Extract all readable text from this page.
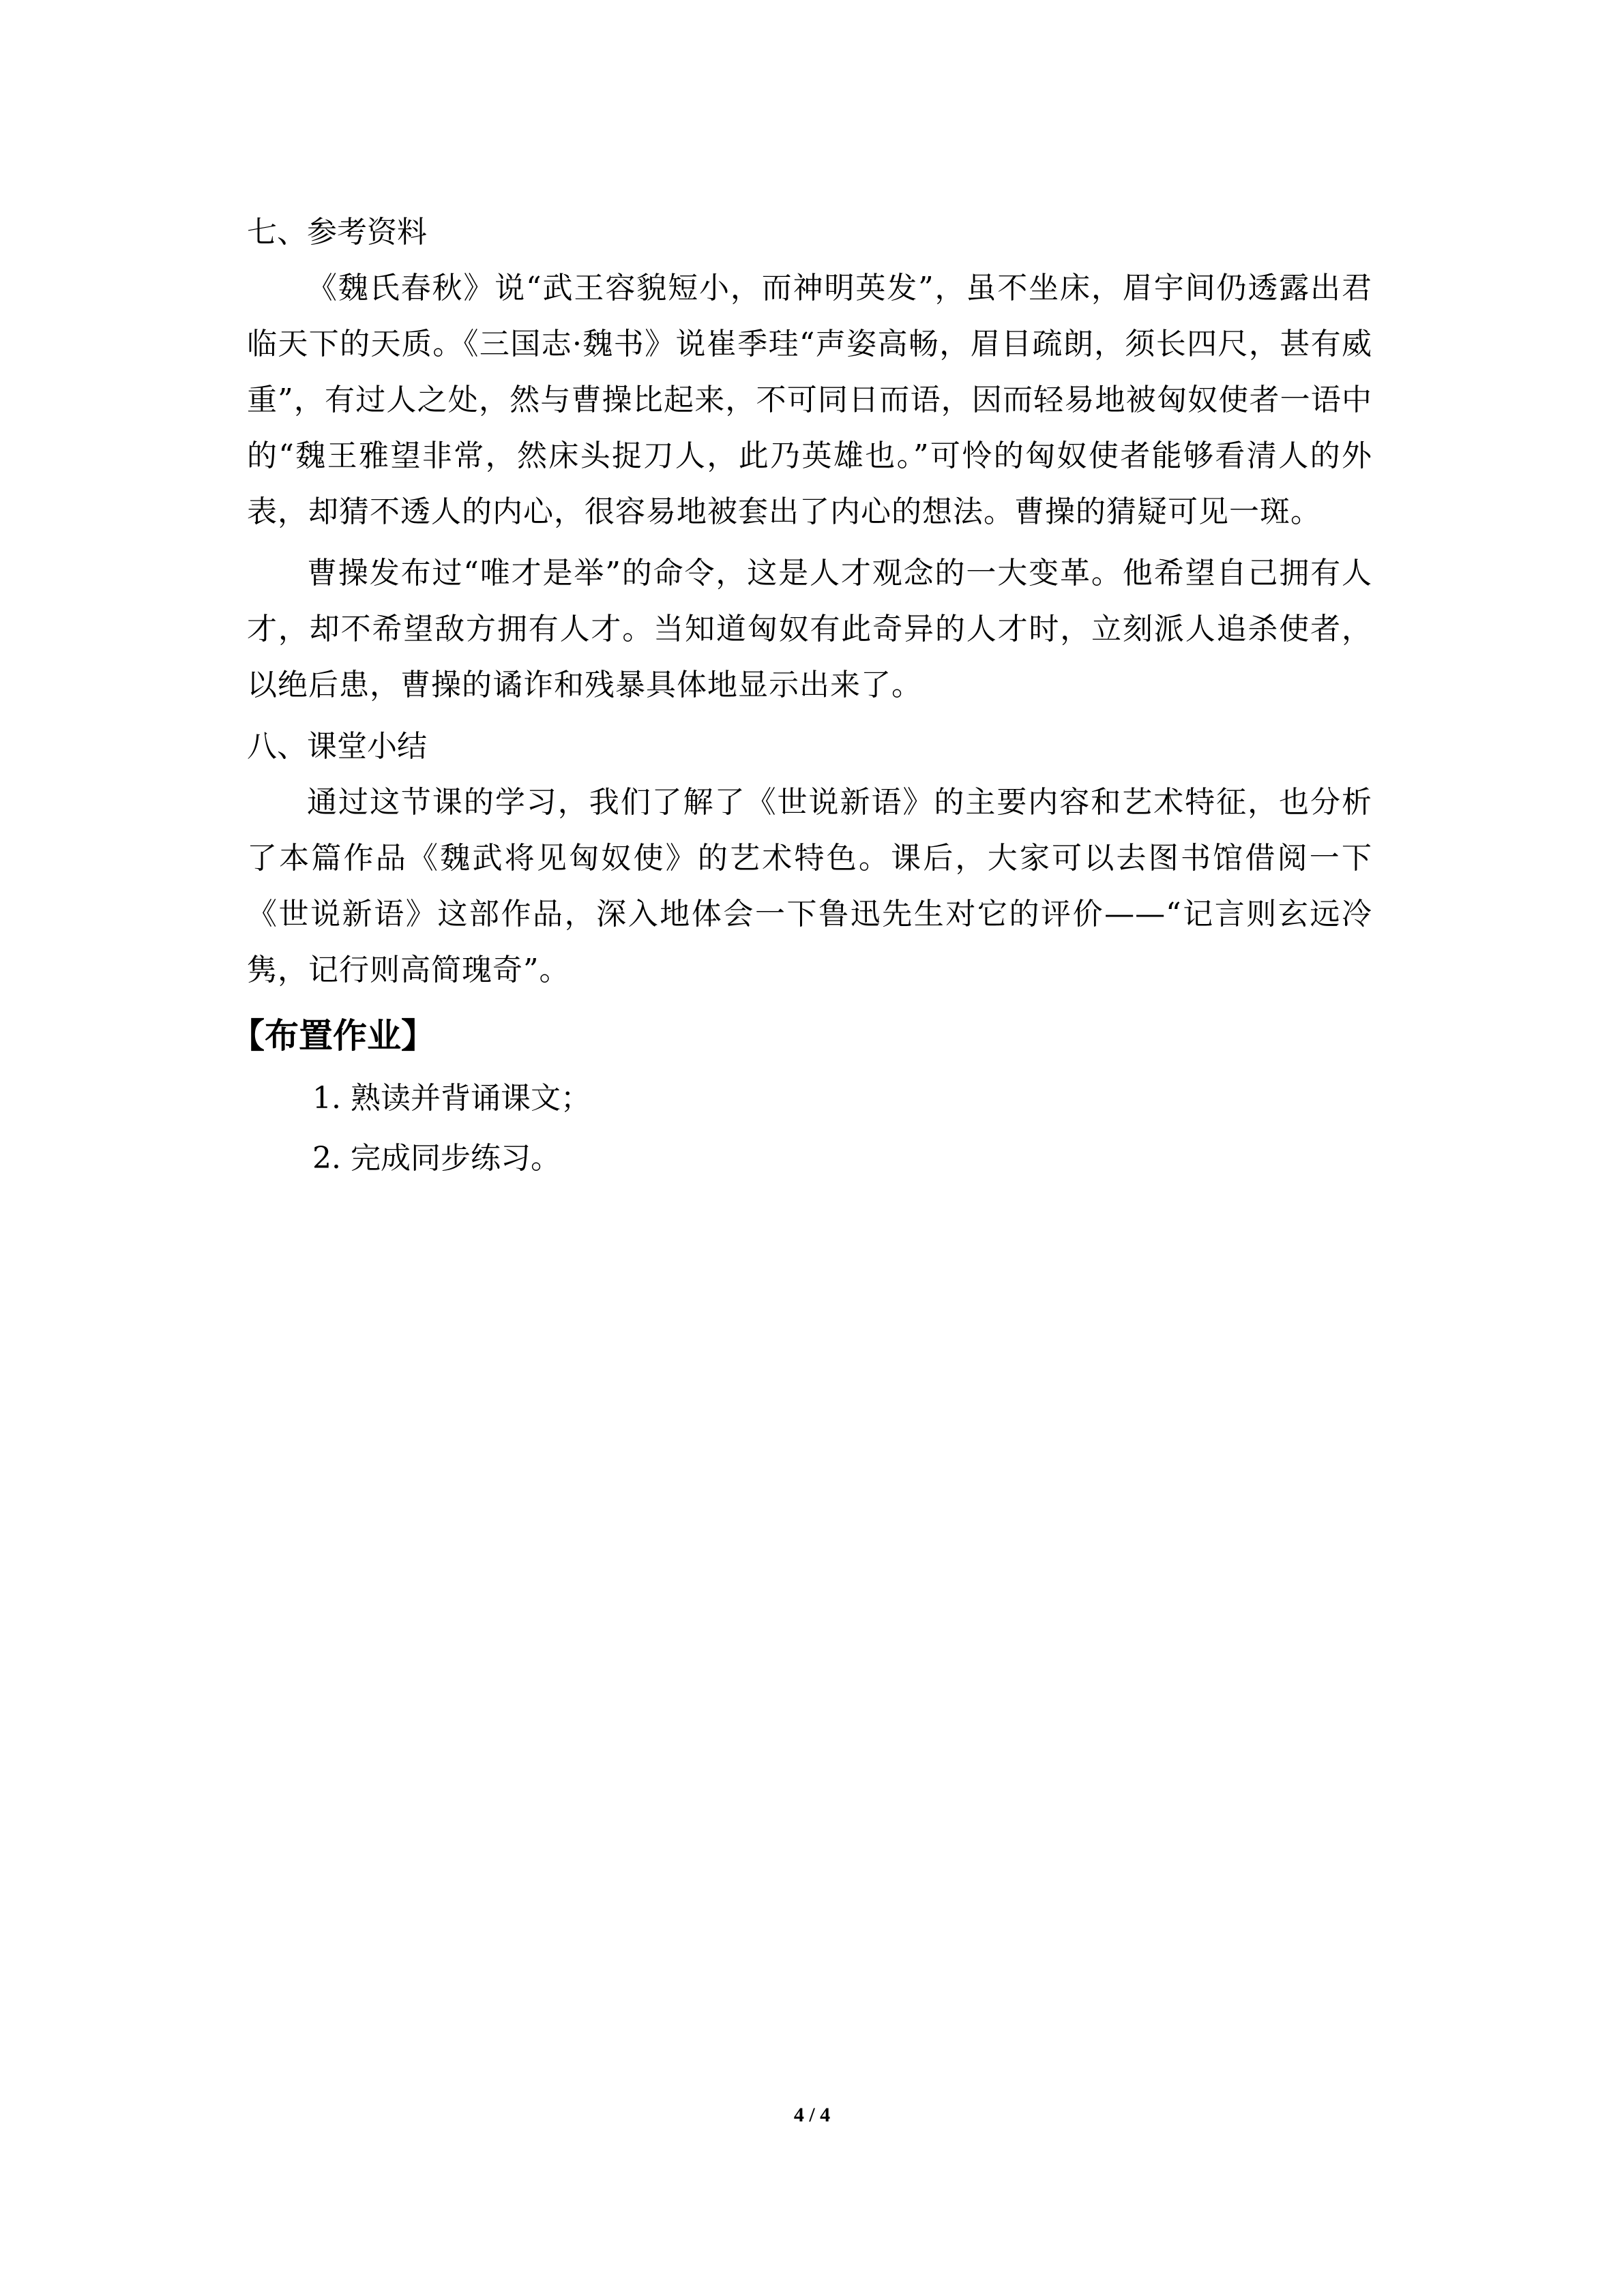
七、参考资料

《魏氏春秋》说“武王容貌短小，而神明英发”，虽不坐床，眉宇间仍透露出君临天下的天质。《三国志·魏书》说崔季珪“声姿高畅，眉目疏朗，须长四尺，甚有威重”，有过人之处，然与曹操比起来，不可同日而语，因而轻易地被匈奴使者一语中的“魏王雅望非常，然床头捉刀人，此乃英雄也。”可怜的匈奴使者能够看清人的外表，却猜不透人的内心，很容易地被套出了内心的想法。曹操的猜疑可见一斑。

曹操发布过“唯才是举”的命令，这是人才观念的一大变革。他希望自己拥有人才，却不希望敌方拥有人才。当知道匈奴有此奇异的人才时，立刻派人追杀使者，以绝后患，曹操的谲诈和残暴具体地显示出来了。

八、课堂小结

通过这节课的学习，我们了解了《世说新语》的主要内容和艺术特征，也分析了本篇作品《魏武将见匈奴使》的艺术特色。课后，大家可以去图书馆借阅一下《世说新语》这部作品，深入地体会一下鲁迅先生对它的评价——“记言则玄远冷隽，记行则高简瑰奇”。

【布置作业】
1. 熟读并背诵课文；
2. 完成同步练习。
4 / 4
